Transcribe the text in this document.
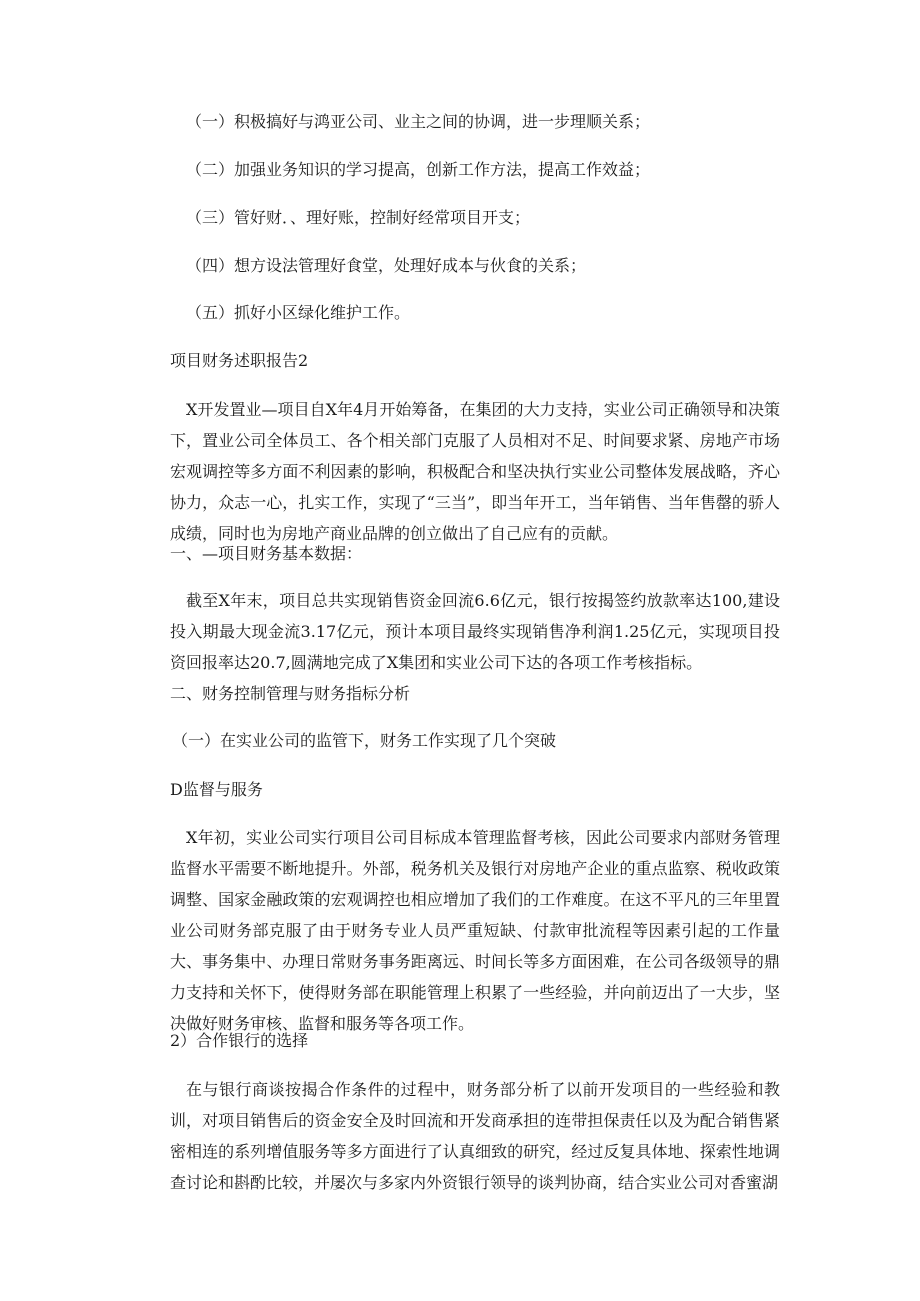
（一）积极搞好与鸿亚公司、业主之间的协调，进一步理顺关系；

（二）加强业务知识的学习提高，创新工作方法，提高工作效益；

（三）管好财．、理好账，控制好经常项目开支；

（四）想方设法管理好食堂，处理好成本与伙食的关系；

（五）抓好小区绿化维护工作。

项目财务述职报告2

X开发置业—项目自X年4月开始筹备，在集团的大力支持，实业公司正确领导和决策下，置业公司全体员工、各个相关部门克服了人员相对不足、时间要求紧、房地产市场宏观调控等多方面不利因素的影响，积极配合和坚决执行实业公司整体发展战略，齐心协力，众志一心，扎实工作，实现了“三当”，即当年开工，当年销售、当年售罄的骄人成绩，同时也为房地产商业品牌的创立做出了自己应有的贡献。

一、—项目财务基本数据：

截至X年末，项目总共实现销售资金回流6.6亿元，银行按揭签约放款率达100,建设投入期最大现金流3.17亿元，预计本项目最终实现销售净利润1.25亿元，实现项目投资回报率达20.7,圆满地完成了X集团和实业公司下达的各项工作考核指标。

二、财务控制管理与财务指标分析

（一）在实业公司的监管下，财务工作实现了几个突破

D监督与服务

X年初，实业公司实行项目公司目标成本管理监督考核，因此公司要求内部财务管理监督水平需要不断地提升。外部，税务机关及银行对房地产企业的重点监察、税收政策调整、国家金融政策的宏观调控也相应增加了我们的工作难度。在这不平凡的三年里置业公司财务部克服了由于财务专业人员严重短缺、付款审批流程等因素引起的工作量大、事务集中、办理日常财务事务距离远、时间长等多方面困难，在公司各级领导的鼎力支持和关怀下，使得财务部在职能管理上积累了一些经验，并向前迈出了一大步，坚决做好财务审核、监督和服务等各项工作。

2）合作银行的选择

在与银行商谈按揭合作条件的过程中，财务部分析了以前开发项目的一些经验和教训，对项目销售后的资金安全及时回流和开发商承担的连带担保责任以及为配合销售紧密相连的系列增值服务等多方面进行了认真细致的研究，经过反复具体地、探索性地调查讨论和斟酌比较，并屡次与多家内外资银行领导的谈判协商，结合实业公司对香蜜湖
